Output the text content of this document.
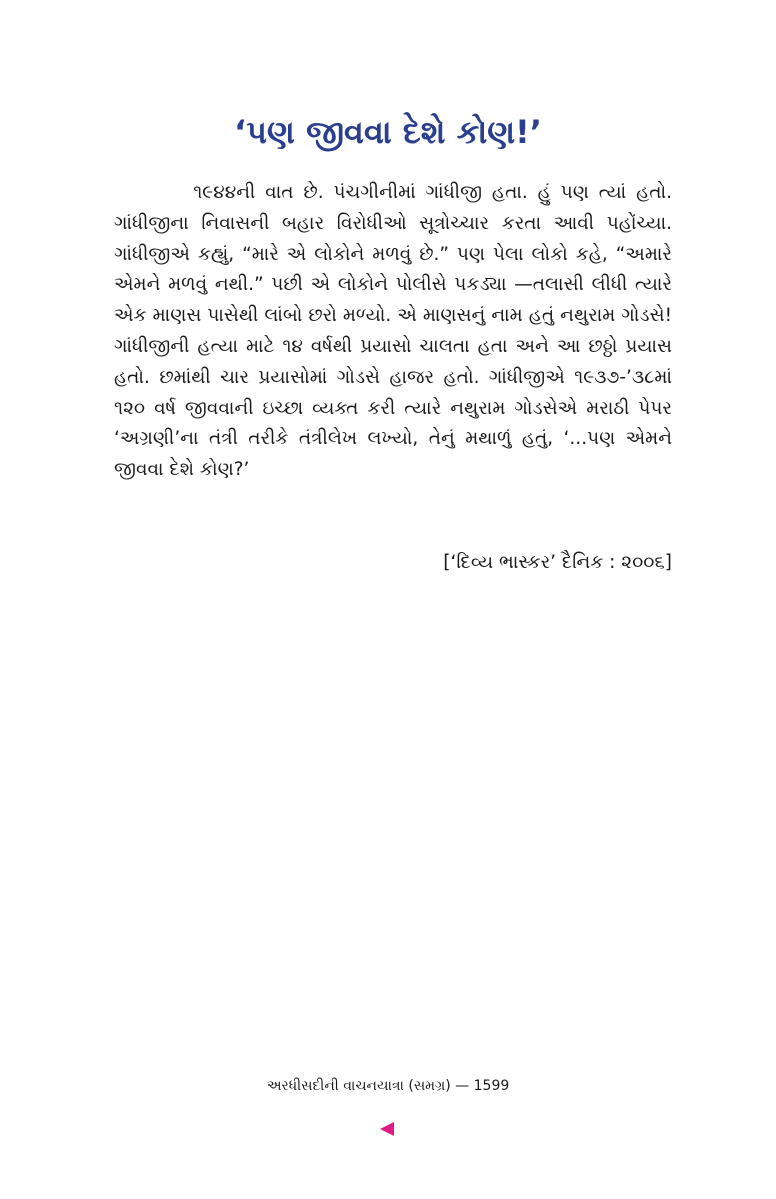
‘પણ જીવવા દેશે કોણ!’

૧૯૪૪ની વાત છે. પંચગીનીમાં ગાંધીજી હતા. હું પણ ત્યાં હતો. ગાંધીજીના નિવાસની બહાર વિરોધીઓ સૂત્રોચ્ચાર કરતા આવી પહોંચ્યા. ગાંધીજીએ કહ્યું, “મારે એ લોકોને મળવું છે.” પણ પેલા લોકો કહે, “અમારે એમને મળવું નથી.” પછી એ લોકોને પોલીસે પકડ્યા —તલાસી લીધી ત્યારે એક માણસ પાસેથી લાંબો છરો મળ્યો. એ માણસનું નામ હતું નથુરામ ગોડસે! ગાંધીજીની હત્યા માટે ૧૪ વર્ષથી પ્રયાસો ચાલતા હતા અને આ છઠ્ઠો પ્રયાસ હતો. છમાંથી ચાર પ્રયાસોમાં ગોડસે હાજર હતો. ગાંધીજીએ ૧૯૩૭-’૩૮માં ૧૨૦ વર્ષ જીવવાની ઇચ્છા વ્યક્ત કરી ત્યારે નથુરામ ગોડસેએ મરાઠી પેપર ‘અગ્રણી’ના તંત્રી તરીકે તંત્રીલેખ લખ્યો, તેનું મથાળું હતું, ‘...પણ એમને જીવવા દેશે કોણ?’

[‘દિવ્ય ભાસ્કર’ દૈનિક : ૨૦૦૬]

અરધીસદીની વાચનયાત્રા (સમગ્ર) — 1599
